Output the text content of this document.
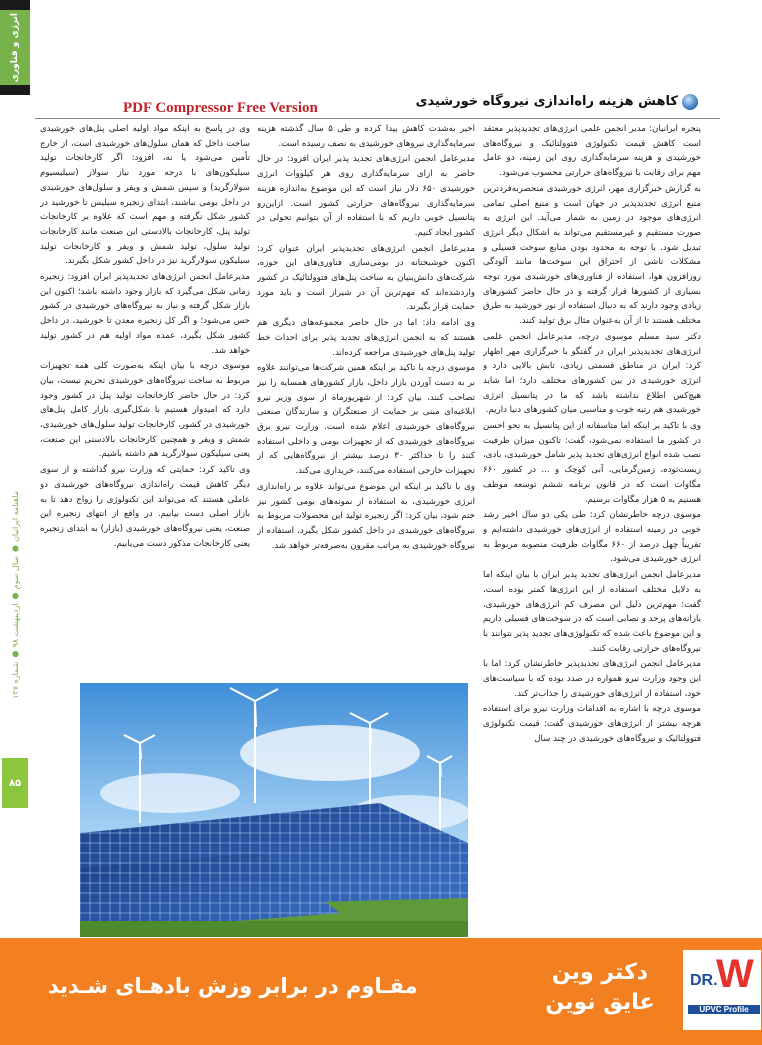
انرژی و فناوری
ماهنامه ایرانیان ● سال سوم ● اردیبهشت ۹۸ ● شماره ۱۲۷
۸۵
PDF Compressor Free Version	کاهش هزینه راه‌اندازی نیروگاه خورشیدی

پنجره ایرانیان: مدیر انجمن علمی انرژی‌های تجدیدپذیر معتقد است کاهش قیمت تکنولوژی فتوولتائیک و نیروگاه‌های خورشیدی و هزینه سرمایه‌گذاری روی این زمینه، دو عامل مهم برای رقابت با نیروگاه‌های حرارتی محسوب می‌شود.

به گزارش خبرگزاری مهر، انرژی خورشیدی منحصربه‌فردترین منبع انرژی تجدیدپذیر در جهان است و منبع اصلی تمامی انرژی‌های موجود در زمین به شمار می‌آید. این انرژی به صورت مستقیم و غیرمستقیم می‌تواند به اشکال دیگر انرژی تبدیل شود. با توجه به محدود بودن منابع سوخت فسیلی و مشکلات ناشی از احتراق این سوخت‌ها مانند آلودگی روزافزون هوا، استفاده از فناوری‌های خورشیدی مورد توجه بسیاری از کشورها قرار گرفته و در حال حاضر کشورهای زیادی وجود دارند که به دنبال استفاده از نور خورشید به طرق مختلف هستند تا از آن به‌عنوان مثال برق تولید کنند.

دکتر سید مسلم موسوی درچه، مدیرعامل انجمن علمی انرژی‌های تجدیدپذیر ایران در گفتگو با خبرگزاری مهر اظهار کرد: ایران در مناطق قسمتی زیادی، تابش بالایی دارد و انرژی خورشیدی در بین کشورهای مختلف دارد؛ اما شاید هیچ‌کس اطلاع نداشته باشد که ما در پتانسیل انرژی خورشیدی هم رتبه خوب و مناسبی میان کشورهای دنیا داریم.

وی با تاکید بر اینکه اما متاسفانه از این پتانسیل به نحو احسن در کشور ما استفاده نمی‌شود، گفت: تاکنون میزان ظرفیت نصب شده انواع انرژی‌های تجدید پذیر شامل خورشیدی، بادی، زیست‌توده، زمین‌گرمایی، آبی کوچک و ... در کشور ۶۶۰ مگاوات است که در قانون برنامه ششم توسعه موظف هستیم به ۵ هزار مگاوات برسیم.

موسوی درچه خاطرنشان کرد: طی یکی دو سال اخیر رشد خوبی در زمینه استفاده از انرژی‌های خورشیدی داشته‌ایم و تقریباً چهل درصد از ۶۶۰ مگاوات ظرفیت منصوبه مربوط به انرژی خورشیدی می‌شود.

مدیرعامل انجمن انرژی‌های تجدید پذیر ایران با بیان اینکه اما به دلایل مختلف استفاده از این انرژی‌ها کمتر بوده است، گفت: مهم‌ترین دلیل این مصرف کم انرژی‌های خورشیدی، یارانه‌های پرحد و نصابی است که در سوخت‌های فسیلی داریم و این موضوع باعث شده که تکنولوژی‌های تجدید پذیر نتوانند با نیروگاه‌های حرارتی رقابت کنند.

مدیرعامل انجمن انرژی‌های تجدیدپذیر خاطرنشان کرد: اما با این وجود وزارت نیرو همواره در صدد بوده که با سیاست‌های خود، استفاده از انرژی‌های خورشیدی را جذاب‌تر کند.

موسوی درچه با اشاره به اقدامات وزارت نیرو برای استفاده هرچه بیشتر از انرژی‌های خورشیدی گفت: قیمت تکنولوژی فتوولتائیک و نیروگاه‌های خورشیدی در چند سال

اخیر به‌شدت کاهش پیدا کرده و طی ۵ سال گذشته هزینه سرمایه‌گذاری نیروهای خورشیدی به نصف رسیده است.

مدیرعامل انجمن انرژی‌های تجدید پذیر ایران افزود: در حال حاضر به ازای سرمایه‌گذاری روی هر کیلووات انرژی خورشیدی ۶۵۰ دلار نیاز است که این موضوع به‌اندازه هزینه سرمایه‌گذاری نیروگاه‌های حرارتی کشور است. ازاین‌رو پتانسیل خوبی داریم که با استفاده از آن بتوانیم تحولی در کشور ایجاد کنیم.

مدیرعامل انجمن انرژی‌های تجدیدپذیر ایران عنوان کرد: اکنون خوشبختانه در بومی‌سازی فناوری‌های این حوزه، شرکت‌های دانش‌بنیان به ساخت پنل‌های فتوولتائیک در کشور واردشده‌اند که مهم‌ترین آن در شیراز است و باید مورد حمایت قرار بگیرند.

وی ادامه داد: اما در حال حاضر مجموعه‌های دیگری هم هستند که به انجمن انرژی‌های تجدید پذیر برای احداث خط تولید پنل‌های خورشیدی مراجعه کرده‌اند.

موسوی درچه با تاکید بر اینکه همین شرکت‌ها می‌توانند علاوه بر به دست آوردن بازار داخل، بازار کشورهای همسایه را نیز تصاحب کنند، بیان کرد: از شهریورماه از سوی وزیر نیرو ابلاغیه‌ای مبنی بر حمایت از صنعتگران و سازندگان صنعتی نیروگاه‌های خورشیدی اعلام شده است. وزارت نیرو برق نیروگاه‌های خورشیدی که از تجهیزات بومی و داخلی استفاده کنند را تا حداکثر ۳۰ درصد بیشتر از نیروگاه‌هایی که از تجهیزات خارجی استفاده می‌کنند، خریداری می‌کند.

وی با تاکید بر اینکه این موضوع می‌تواند علاوه بر راه‌اندازی انرژی خورشیدی، به استفاده از نمونه‌های بومی کشور نیز ختم شود، بیان کرد: اگر زنجیره تولید این محصولات مربوط به نیروگاه‌های خورشیدی در داخل کشور شکل بگیرد، استفاده از نیروگاه خورشیدی به مراتب مقرون به‌صرفه‌تر خواهد شد.

وی در پاسخ به اینکه مواد اولیه اصلی پنل‌های خورشیدی ساخت داخل که همان سلول‌های خورشیدی است، از خارج تأمین می‌شود یا نه، افزود: اگر کارخانجات تولید سیلیکون‌های با درجه مورد نیاز سولار (سیلیسیوم سولارگرید) و سپس شمش و ویفر و سلول‌های خورشیدی در داخل بومی نباشند، ابتدای زنجیره سیلیس تا خورشید در کشور شکل نگرفته و مهم است که علاوه بر کارخانجات تولید پنل، کارخانجات بالادستی این صنعت مانند کارخانجات تولید سلول، تولید شمش و ویفر و کارخانجات تولید سیلیکون سولارگرید نیز در داخل کشور شکل بگیرند.

مدیرعامل انجمن انرژی‌های تجدیدپذیر ایران افزود: زنجیره زمانی شکل می‌گیرد که بازار وجود داشته باشد؛ اکنون این بازار شکل گرفته و نیاز به نیروگاه‌های خورشیدی در کشور حس می‌شود؛ و اگر کل زنجیره معدن تا خورشید، در داخل کشور شکل بگیرد، عمده مواد اولیه هم در کشور تولید خواهد شد.

موسوی درچه با بیان اینکه به‌صورت کلی همه تجهیزات مربوط به ساخت نیروگاه‌های خورشیدی تحریم نیست، بیان کرد: در حال حاضر کارخانجات تولید پنل در کشور وجود دارد که امیدوار هستیم با شکل‌گیری بازار کامل پنل‌های خورشیدی در کشور، کارخانجات تولید سلول‌های خورشیدی، شمش و ویفر و همچنین کارخانجات بالادستی این صنعت، یعنی سیلیکون سولارگرید هم داشته باشیم.

وی تاکید کرد: حمایتی که وزارت نیرو گذاشته و از سوی دیگر کاهش قیمت راه‌اندازی نیروگاه‌های خورشیدی دو عاملی هستند که می‌تواند این تکنولوژی را رواج دهد تا به بازار اصلی دست بیابیم. در واقع از انتهای زنجیره این صنعت، یعنی نیروگاه‌های خورشیدی (بازار) به ابتدای زنجیره یعنی کارخانجات مذکور دست می‌یابیم.

مقـاوم در برابر وزش بادهـای شـدید
دکتر وین عایق نوین
W
DR.
UPVC Profile
